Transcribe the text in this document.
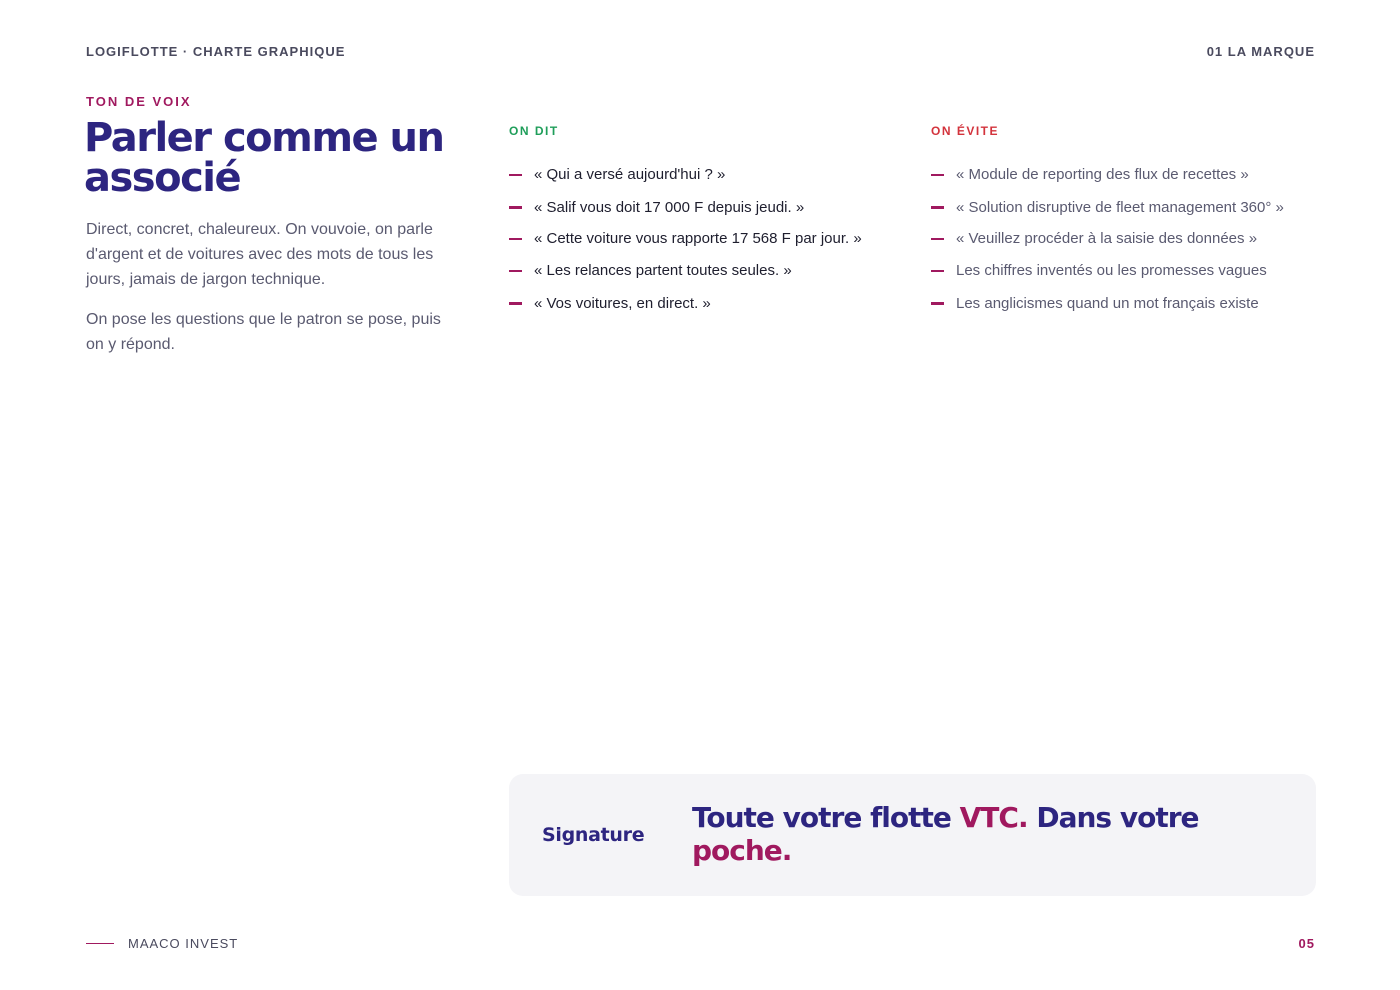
LOGIFLOTTE · CHARTE GRAPHIQUE	01 LA MARQUE
TON DE VOIX
Parler comme un associé

Direct, concret, chaleureux. On vouvoie, on parle d'argent et de voitures avec des mots de tous les jours, jamais de jargon technique.

On pose les questions que le patron se pose, puis on y répond.

ON DIT
« Qui a versé aujourd'hui ? »
« Salif vous doit 17 000 F depuis jeudi. »
« Cette voiture vous rapporte 17 568 F par jour. »
« Les relances partent toutes seules. »
« Vos voitures, en direct. »
ON ÉVITE
« Module de reporting des flux de recettes »
« Solution disruptive de fleet management 360° »
« Veuillez procéder à la saisie des données »
Les chiffres inventés ou les promesses vagues
Les anglicismes quand un mot français existe
Signature
Toute votre flotte VTC. Dans votre poche.
MAACO INVEST	05
